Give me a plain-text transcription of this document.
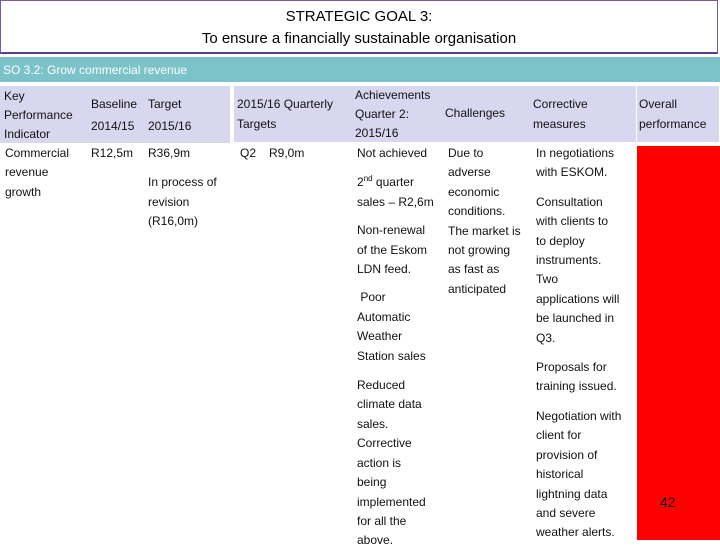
STRATEGIC GOAL 3:
To ensure a financially sustainable organisation
SO 3.2: Grow commercial revenue
Key
Performance
Indicator
Baseline
2014/15
Target
2015/16
2015/16 Quarterly
Targets
Achievements
Quarter 2:
2015/16
Challenges
Corrective
measures
Overall
performance
Commercial
revenue
growth
R12,5m R36,9m
In process of
revision
(R16,0m)
Q2 R9,0m	Not achieved
2nd quarter
sales – R2,6m
Non-renewal
of the Eskom
LDN feed.
Poor
Automatic
Weather
Station sales
Reduced
climate data
sales.
Corrective
action is
being
implemented
for all the
above.
Due to
adverse
economic
conditions.
The market is
not growing
as fast as
anticipated
In negotiations
with ESKOM.
Consultation
with clients to
to deploy
instruments.
Two
applications will
be launched in
Q3.
Proposals for
training issued.
Negotiation with
client for
provision of
historical
lightning data
and severe
weather alerts.
42
